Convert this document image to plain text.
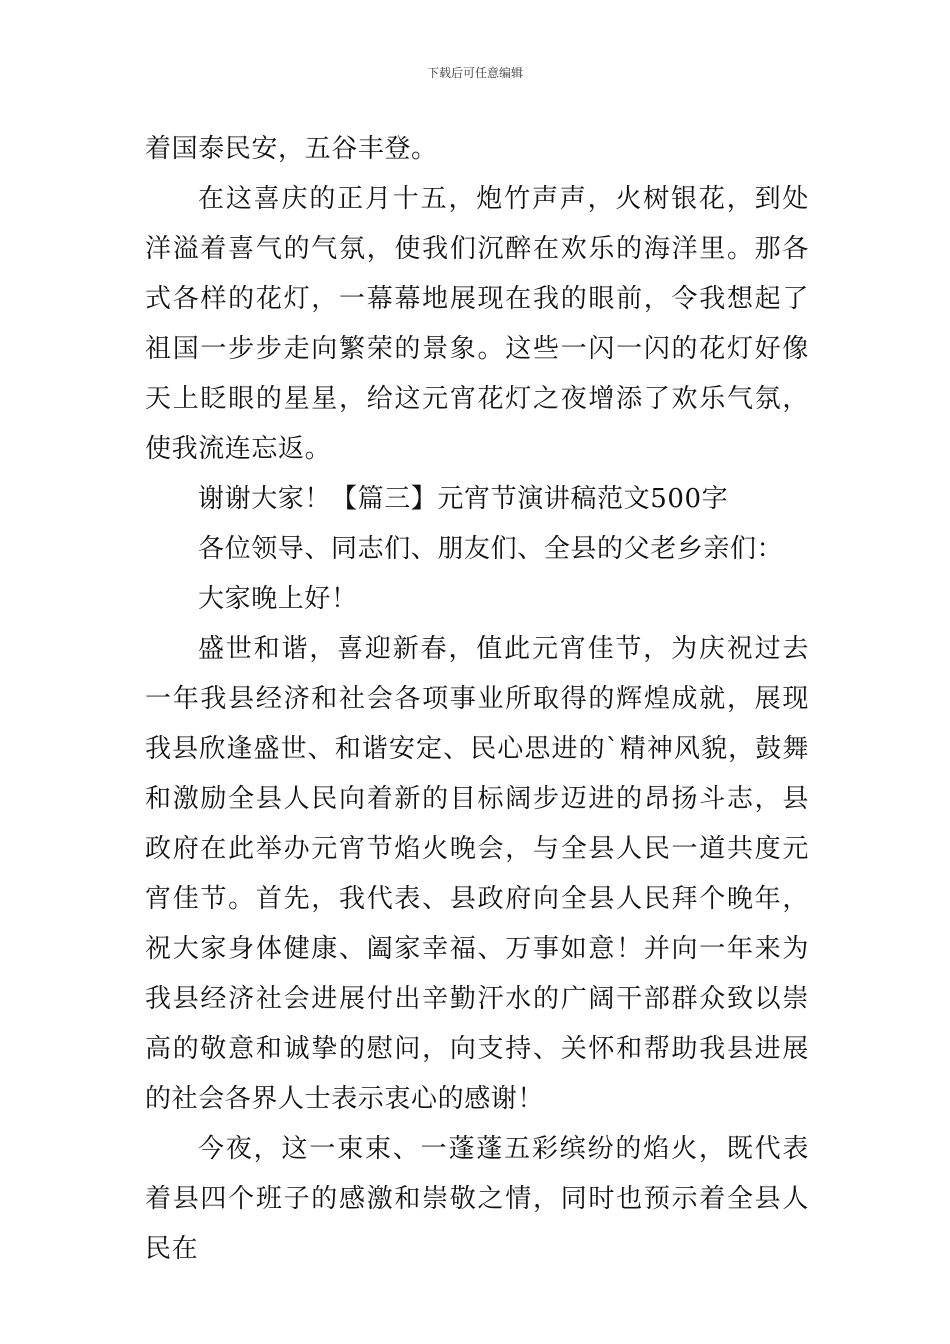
下载后可任意编辑

着国泰民安，五谷丰登。

在这喜庆的正月十五，炮竹声声，火树银花，到处洋溢着喜气的气氛，使我们沉醉在欢乐的海洋里。那各式各样的花灯，一幕幕地展现在我的眼前，令我想起了祖国一步步走向繁荣的景象。这些一闪一闪的花灯好像天上眨眼的星星，给这元宵花灯之夜增添了欢乐气氛，使我流连忘返。

谢谢大家！【篇三】元宵节演讲稿范文500字

各位领导、同志们、朋友们、全县的父老乡亲们：

大家晚上好！

盛世和谐，喜迎新春，值此元宵佳节，为庆祝过去一年我县经济和社会各项事业所取得的辉煌成就，展现我县欣逢盛世、和谐安定、民心思进的`精神风貌，鼓舞和激励全县人民向着新的目标阔步迈进的昂扬斗志，县政府在此举办元宵节焰火晚会，与全县人民一道共度元宵佳节。首先，我代表、县政府向全县人民拜个晚年，祝大家身体健康、阖家幸福、万事如意！并向一年来为我县经济社会进展付出辛勤汗水的广阔干部群众致以崇高的敬意和诚挚的慰问，向支持、关怀和帮助我县进展的社会各界人士表示衷心的感谢！

今夜，这一束束、一蓬蓬五彩缤纷的焰火，既代表着县四个班子的感激和崇敬之情，同时也预示着全县人民在
